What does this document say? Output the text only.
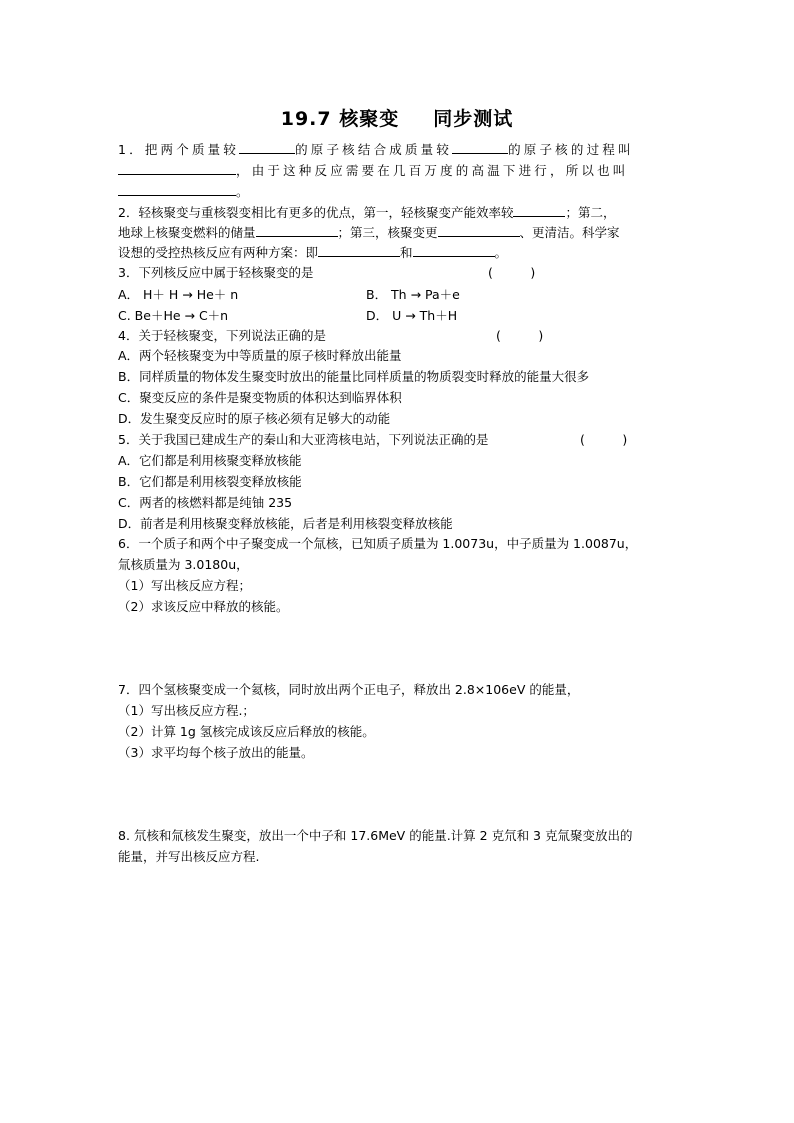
19.7 核聚变 同步测试
1．把两个质量较	的原子核结合成质量较	的原子核的过程叫
，由于这种反应需要在几百万度的高温下进行，所以也叫
。
2．轻核聚变与重核裂变相比有更多的优点，第一，轻核聚变产能效率较	；第二，
地球上核聚变燃料的储量	；第三，核聚变更	、更清洁。科学家
设想的受控热核反应有两种方案：即	和	。
3．下列核反应中属于轻核聚变的是	(　　　)
A． H＋ H → He＋ n	B． Th → Pa＋e
C. Be＋He → C＋n	D． U → Th＋H
4．关于轻核聚变，下列说法正确的是	(　　　)
A．两个轻核聚变为中等质量的原子核时释放出能量
B．同样质量的物体发生聚变时放出的能量比同样质量的物质裂变时释放的能量大很多
C．聚变反应的条件是聚变物质的体积达到临界体积
D．发生聚变反应时的原子核必须有足够大的动能
5．关于我国已建成生产的秦山和大亚湾核电站，下列说法正确的是	(　　　)
A．它们都是利用核聚变释放核能
B．它们都是利用核裂变释放核能
C．两者的核燃料都是纯铀 235
D．前者是利用核聚变释放核能，后者是利用核裂变释放核能
6．一个质子和两个中子聚变成一个氚核，已知质子质量为 1.0073u，中子质量为 1.0087u，
氚核质量为 3.0180u，
（1）写出核反应方程；
（2）求该反应中释放的核能。
7．四个氢核聚变成一个氦核，同时放出两个正电子，释放出 2.8×106eV 的能量，
（1）写出核反应方程.；
（2）计算 1g 氢核完成该反应后释放的核能。
（3）求平均每个核子放出的能量。
8. 氘核和氚核发生聚变，放出一个中子和 17.6MeV 的能量.计算 2 克氘和 3 克氚聚变放出的
能量，并写出核反应方程.
